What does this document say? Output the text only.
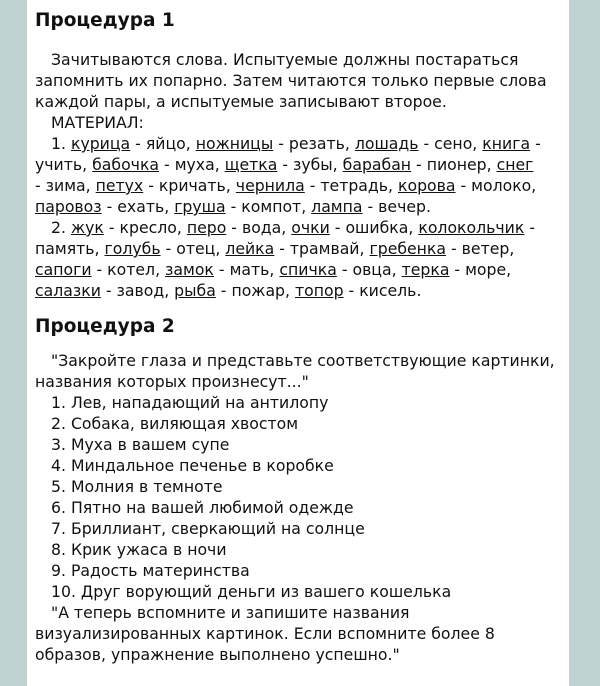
Процедура 1

Зачитываются слова. Испытуемые должны постараться

запомнить их попарно. Затем читаются только первые слова

каждой пары, а испытуемые записывают второе.

МАТЕРИАЛ:

1. курица - яйцо, ножницы - резать, лошадь - сено, книга -

учить, бабочка - муха, щетка - зубы, барабан - пионер, снег

- зима, петух - кричать, чернила - тетрадь, корова - молоко,

паровоз - ехать, груша - компот, лампа - вечер.

2. жук - кресло, перо - вода, очки - ошибка, колокольчик -

память, голубь - отец, лейка - трамвай, гребенка - ветер,

сапоги - котел, замок - мать, спичка - овца, терка - море,

салазки - завод, рыба - пожар, топор - кисель.

Процедура 2

"Закройте глаза и представьте соответствующие картинки,

названия которых произнесут..."

1. Лев, нападающий на антилопу

2. Собака, виляющая хвостом

3. Муха в вашем супе

4. Миндальное печенье в коробке

5. Молния в темноте

6. Пятно на вашей любимой одежде

7. Бриллиант, сверкающий на солнце

8. Крик ужаса в ночи

9. Радость материнства

10. Друг ворующий деньги из вашего кошелька

"А теперь вспомните и запишите названия

визуализированных картинок. Если вспомните более 8

образов, упражнение выполнено успешно."
